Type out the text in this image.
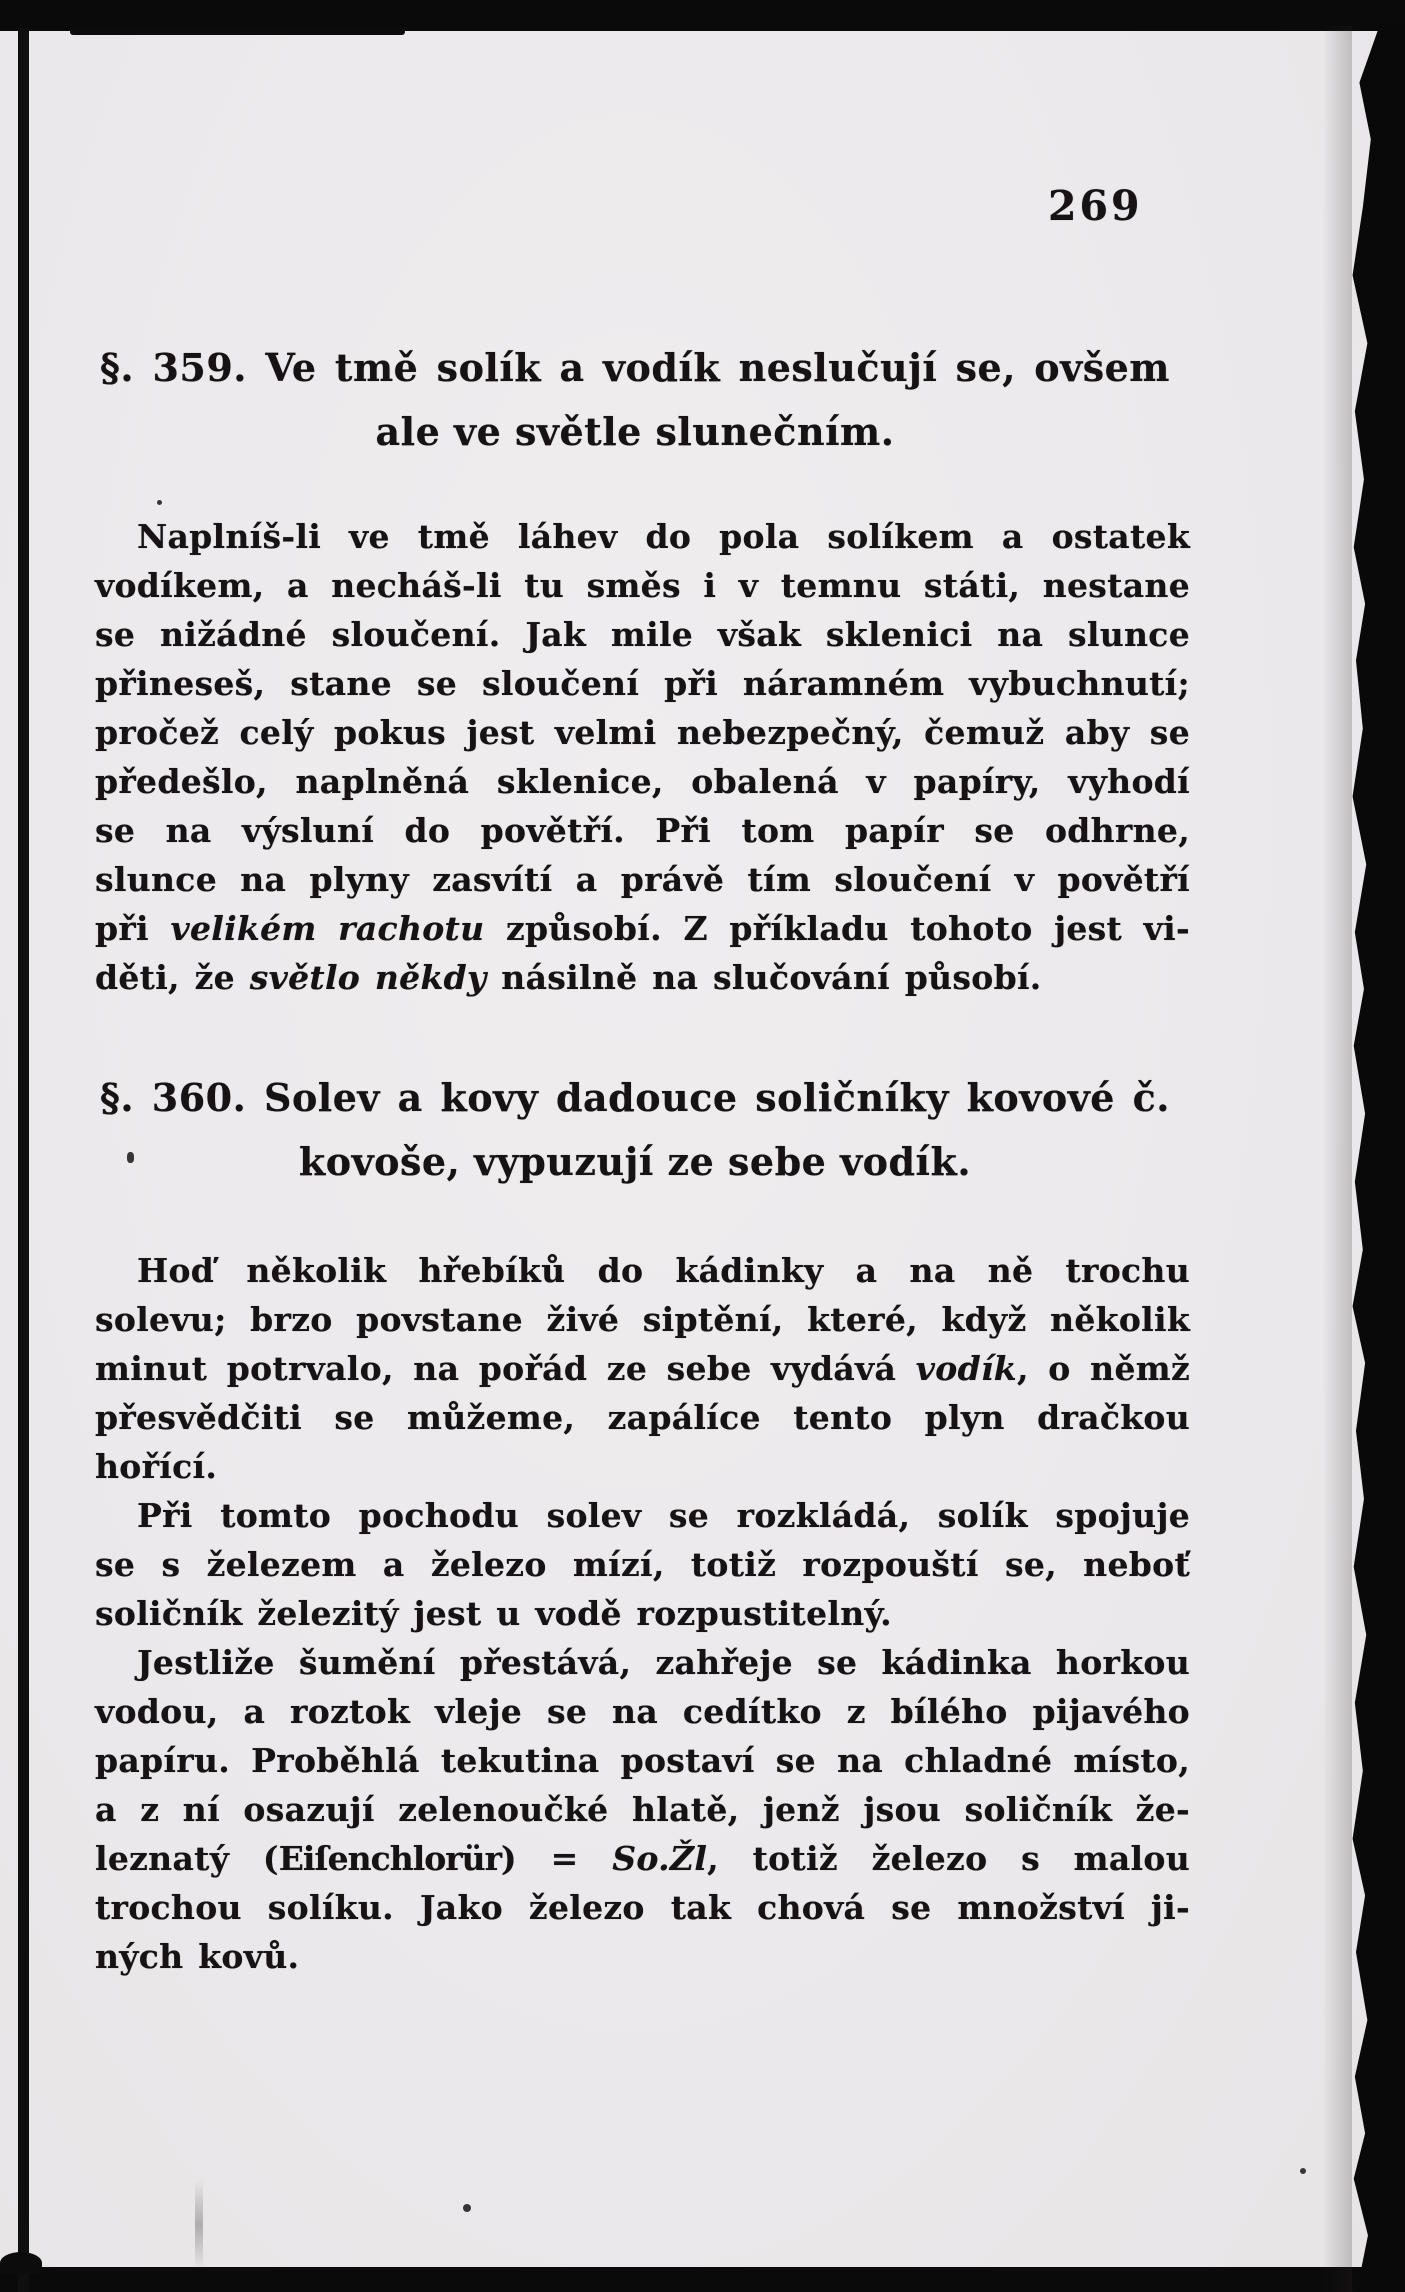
269
§. 359. Ve tmě solík a vodík neslučují se, ovšem
ale ve světle slunečním.
Naplníš-li ve tmě láhev do pola solíkem a ostatek
vodíkem, a necháš-li tu směs i v temnu státi, nestane
se nižádné sloučení. Jak mile však sklenici na slunce
přineseš, stane se sloučení při náramném vybuchnutí;
pročež celý pokus jest velmi nebezpečný, čemuž aby se
předešlo, naplněná sklenice, obalená v papíry, vyhodí
se na výsluní do povětří. Při tom papír se odhrne,
slunce na plyny zasvítí a právě tím sloučení v povětří
při velikém rachotu způsobí. Z příkladu tohoto jest vi-
děti, že světlo někdy násilně na slučování působí.
§. 360. Solev a kovy dadouce soličníky kovové č.
kovoše, vypuzují ze sebe vodík.
Hoď několik hřebíků do kádinky a na ně trochu
solevu; brzo povstane živé siptění, které, když několik
minut potrvalo, na pořád ze sebe vydává vodík, o němž
přesvědčiti se můžeme, zapálíce tento plyn dračkou
hořící.
Při tomto pochodu solev se rozkládá, solík spojuje
se s železem a železo mízí, totiž rozpouští se, neboť
soličník železitý jest u vodě rozpustitelný.
Jestliže šumění přestává, zahřeje se kádinka horkou
vodou, a roztok vleje se na cedítko z bílého pijavého
papíru. Proběhlá tekutina postaví se na chladné místo,
a z ní osazují zelenoučké hlatě, jenž jsou soličník že-
leznatý (Eiſenchlorür) = So.Žl, totiž železo s malou
trochou solíku. Jako železo tak chová se množství ji-
ných kovů.
